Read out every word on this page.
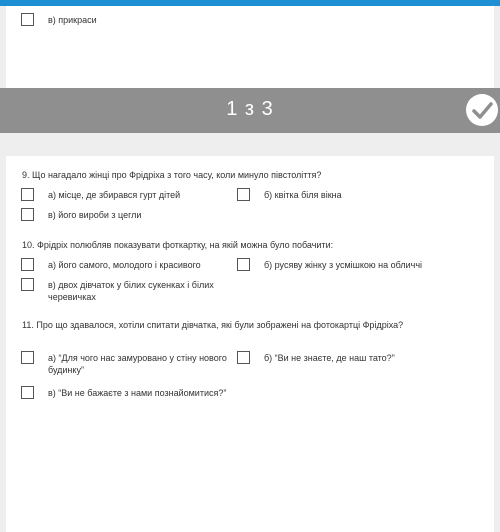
в) прикраси
1 з 3
9. Що нагадало жінці про Фрідріха з того часу, коли минуло півстоліття?
а) місце, де збирався гурт дітей	б) квітка біля вікна
в) його вироби з цегли
10. Фрідріх полюбляв показувати фоткартку, на якій можна було побачити:
а) його самого, молодого і красивого	б) русяву жінку з усмішкою на обличчі
в) двох дівчаток у білих сукенках і білих черевичках
11. Про що здавалося, хотіли спитати дівчатка, які були зображені на фотокартці Фрідріха?
а) “Для чого нас замуровано у стіну нового будинку”
б) “Ви не знаєте, де наш тато?”
в) “Ви не бажаєте з нами познайомитися?”
